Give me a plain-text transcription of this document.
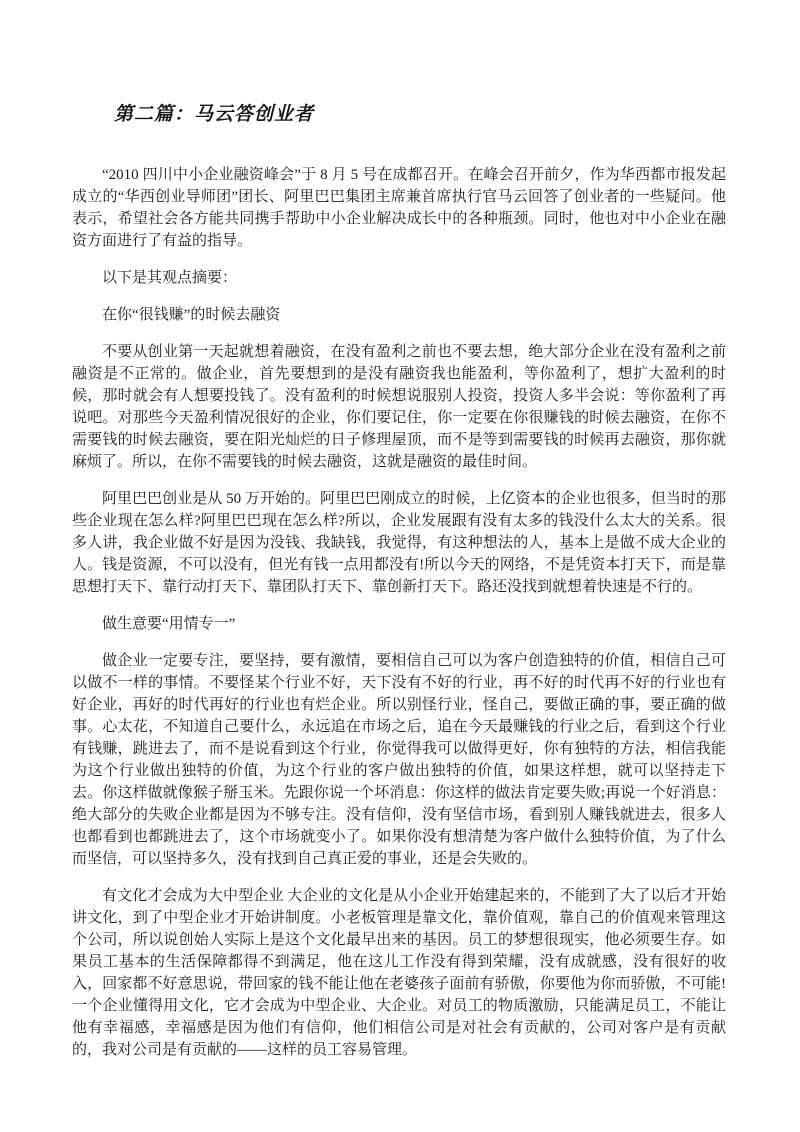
第二篇：马云答创业者

“2010 四川中小企业融资峰会”于 8 月 5 号在成都召开。在峰会召开前夕，作为华西都市报发起成立的“华西创业导师团”团长、阿里巴巴集团主席兼首席执行官马云回答了创业者的一些疑问。他表示，希望社会各方能共同携手帮助中小企业解决成长中的各种瓶颈。同时，他也对中小企业在融资方面进行了有益的指导。

以下是其观点摘要：

在你“很钱赚”的时候去融资

不要从创业第一天起就想着融资，在没有盈利之前也不要去想，绝大部分企业在没有盈利之前融资是不正常的。做企业，首先要想到的是没有融资我也能盈利，等你盈利了，想扩大盈利的时候，那时就会有人想要投钱了。没有盈利的时候想说服别人投资，投资人多半会说：等你盈利了再说吧。对那些今天盈利情况很好的企业，你们要记住，你一定要在你很赚钱的时候去融资，在你不需要钱的时候去融资，要在阳光灿烂的日子修理屋顶，而不是等到需要钱的时候再去融资，那你就麻烦了。所以，在你不需要钱的时候去融资，这就是融资的最佳时间。

阿里巴巴创业是从 50 万开始的。阿里巴巴刚成立的时候，上亿资本的企业也很多，但当时的那些企业现在怎么样?阿里巴巴现在怎么样?所以，企业发展跟有没有太多的钱没什么太大的关系。很多人讲，我企业做不好是因为没钱、我缺钱，我觉得，有这种想法的人，基本上是做不成大企业的人。钱是资源，不可以没有，但光有钱一点用都没有!所以今天的网络，不是凭资本打天下，而是靠思想打天下、靠行动打天下、靠团队打天下、靠创新打天下。路还没找到就想着快速是不行的。

做生意要“用情专一”

做企业一定要专注，要坚持，要有激情，要相信自己可以为客户创造独特的价值，相信自己可以做不一样的事情。不要怪某个行业不好，天下没有不好的行业，再不好的时代再不好的行业也有好企业，再好的时代再好的行业也有烂企业。所以别怪行业，怪自己，要做正确的事，要正确的做事。心太花，不知道自己要什么，永远追在市场之后，追在今天最赚钱的行业之后，看到这个行业有钱赚，跳进去了，而不是说看到这个行业，你觉得我可以做得更好，你有独特的方法，相信我能为这个行业做出独特的价值，为这个行业的客户做出独特的价值，如果这样想，就可以坚持走下去。你这样做就像猴子掰玉米。先跟你说一个坏消息：你这样的做法肯定要失败;再说一个好消息：绝大部分的失败企业都是因为不够专注。没有信仰，没有坚信市场，看到别人赚钱就进去，很多人也都看到也都跳进去了，这个市场就变小了。如果你没有想清楚为客户做什么独特价值，为了什么而坚信，可以坚持多久，没有找到自己真正爱的事业，还是会失败的。

有文化才会成为大中型企业 大企业的文化是从小企业开始建起来的，不能到了大了以后才开始讲文化，到了中型企业才开始讲制度。小老板管理是靠文化，靠价值观，靠自己的价值观来管理这个公司，所以说创始人实际上是这个文化最早出来的基因。员工的梦想很现实，他必须要生存。如果员工基本的生活保障都得不到满足，他在这儿工作没有得到荣耀，没有成就感，没有很好的收入，回家都不好意思说，带回家的钱不能让他在老婆孩子面前有骄傲，你要他为你而骄傲，不可能!一个企业懂得用文化，它才会成为中型企业、大企业。对员工的物质激励，只能满足员工，不能让他有幸福感，幸福感是因为他们有信仰，他们相信公司是对社会有贡献的，公司对客户是有贡献的，我对公司是有贡献的——这样的员工容易管理。
